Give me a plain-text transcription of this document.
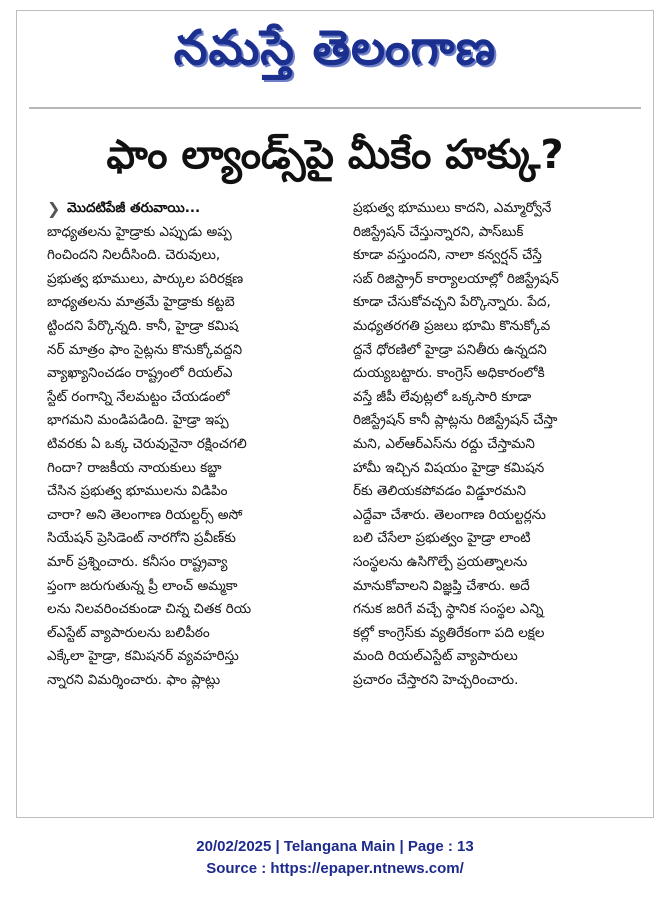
నమస్తే తెలంగాణ
ఫాం ల్యాండ్స్‌పై మీకేం హక్కు?
❯ మొదటిపేజీ తరువాయి...
బాధ్యతలను హైడ్రాకు ఎప్పుడు అప్ప
గించిందని నిలదీసింది. చెరువులు,
ప్రభుత్వ భూములు, పార్కుల పరిరక్షణ
బాధ్యతలను మాత్రమే హైడ్రాకు కట్టబె
ట్టిందని పేర్కొన్నది. కానీ, హైడ్రా కమిష
నర్ మాత్రం ఫాం సైట్లను కొనుక్కోవద్దని
వ్యాఖ్యానించడం రాష్ట్రంలో రియల్‌ఎ
స్టేట్ రంగాన్ని నేలమట్టం చేయడంలో
భాగమని మండిపడింది. హైడ్రా ఇప్ప
టివరకు ఏ ఒక్క చెరువునైనా రక్షించగలి
గిందా? రాజకీయ నాయకులు కబ్జా
చేసిన ప్రభుత్వ భూములను విడిపిం
చారా? అని తెలంగాణ రియల్టర్స్ అసో
సియేషన్ ప్రెసిడెంట్ నారగోని ప్రవీణ్‌కు
మార్ ప్రశ్నించారు. కనీసం రాష్ట్రవ్యా
ప్తంగా జరుగుతున్న ప్రీ లాంచ్ అమ్మకా
లను నిలవరించకుండా చిన్న చితక రియ
ల్‌ఎస్టేట్ వ్యాపారులను బలిపీఠం
ఎక్కేలా హైడ్రా, కమిషనర్ వ్యవహరిస్తు
న్నారని విమర్శించారు. ఫాం ప్లాట్లు
ప్రభుత్వ భూములు కాదని, ఎమ్మార్వోనే
రిజిస్ట్రేషన్ చేస్తున్నారని, పాస్‌బుక్
కూడా వస్తుందని, నాలా కన్వర్షన్ చేస్తే
సబ్ రిజిస్ట్రార్ కార్యాలయాల్లో రిజిస్ట్రేషన్
కూడా చేసుకోవచ్చని పేర్కొన్నారు. పేద,
మధ్యతరగతి ప్రజలు భూమి కొనుక్కోవ
ద్దనే ధోరణిలో హైడ్రా పనితీరు ఉన్నదని
దుయ్యబట్టారు. కాంగ్రెస్ అధికారంలోకి
వస్తే జీపీ లేవుట్లలో ఒక్కసారి కూడా
రిజిస్ట్రేషన్ కానీ ప్లాట్లను రిజిస్ట్రేషన్ చేస్తా
మని, ఎల్‌ఆర్‌ఎస్‌ను రద్దు చేస్తామని
హామీ ఇచ్చిన విషయం హైడ్రా కమిషన
ర్‌కు తెలియకపోవడం విడ్డూరమని
ఎద్దేవా చేశారు. తెలంగాణ రియల్టర్లను
బలి చేసేలా ప్రభుత్వం హైడ్రా లాంటి
సంస్థలను ఉసిగొల్పే ప్రయత్నాలను
మానుకోవాలని విజ్ఞప్తి చేశారు. అదే
గనుక జరిగే వచ్చే స్థానిక సంస్థల ఎన్ని
కల్లో కాంగ్రెస్‌కు వ్యతిరేకంగా పది లక్షల
మంది రియల్‌ఎస్టేట్ వ్యాపారులు
ప్రచారం చేస్తారని హెచ్చరించారు.
20/02/2025 | Telangana Main | Page : 13
Source : https://epaper.ntnews.com/
